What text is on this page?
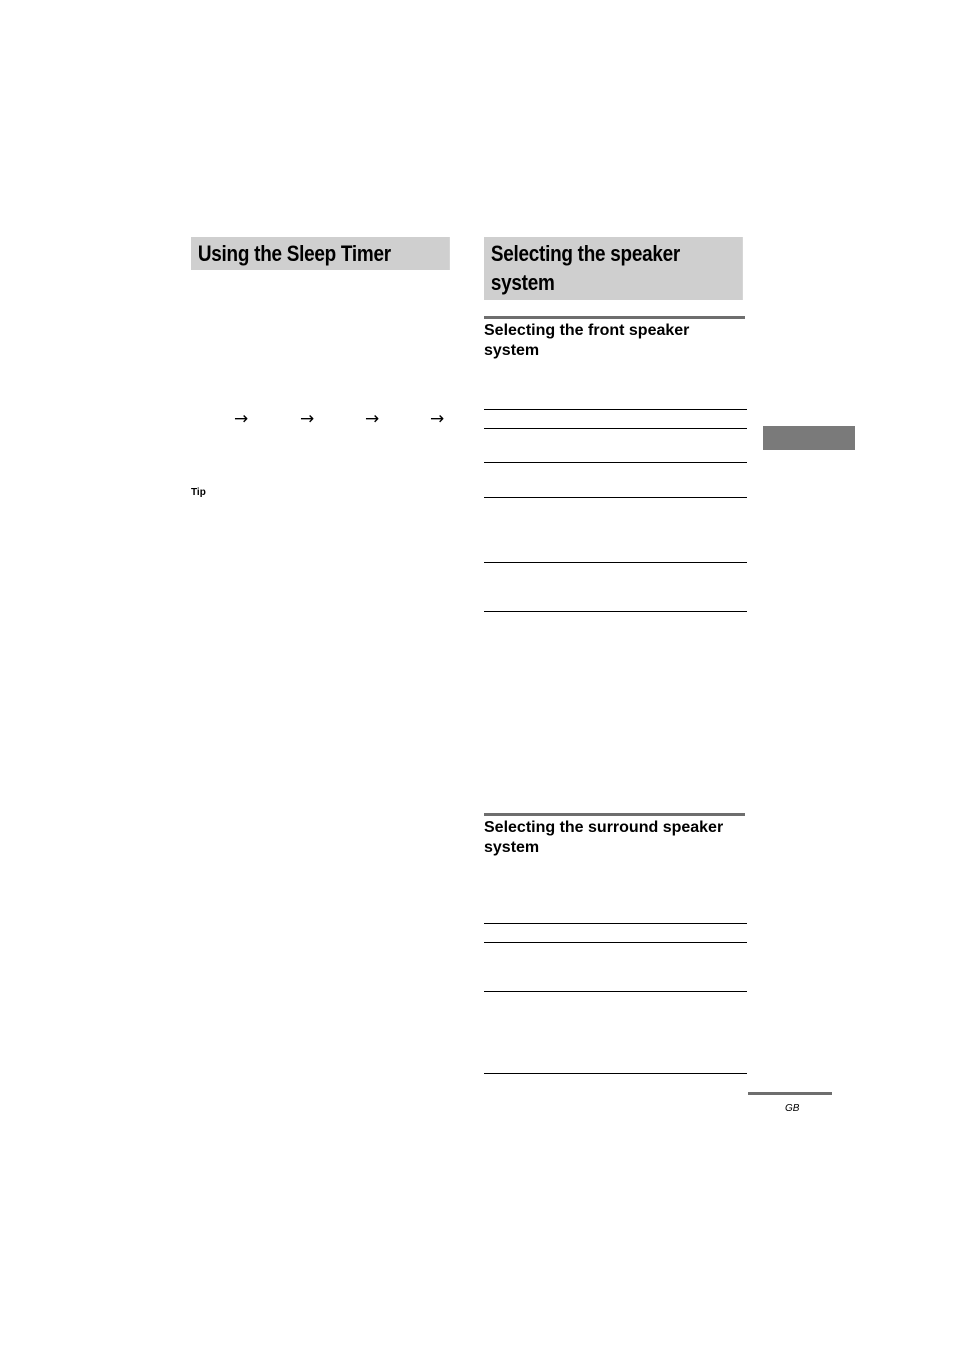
Using the Sleep Timer
→	→	→	→
Tip
Selecting the speaker system
Selecting the front speaker system
Selecting the surround speaker system
GB
